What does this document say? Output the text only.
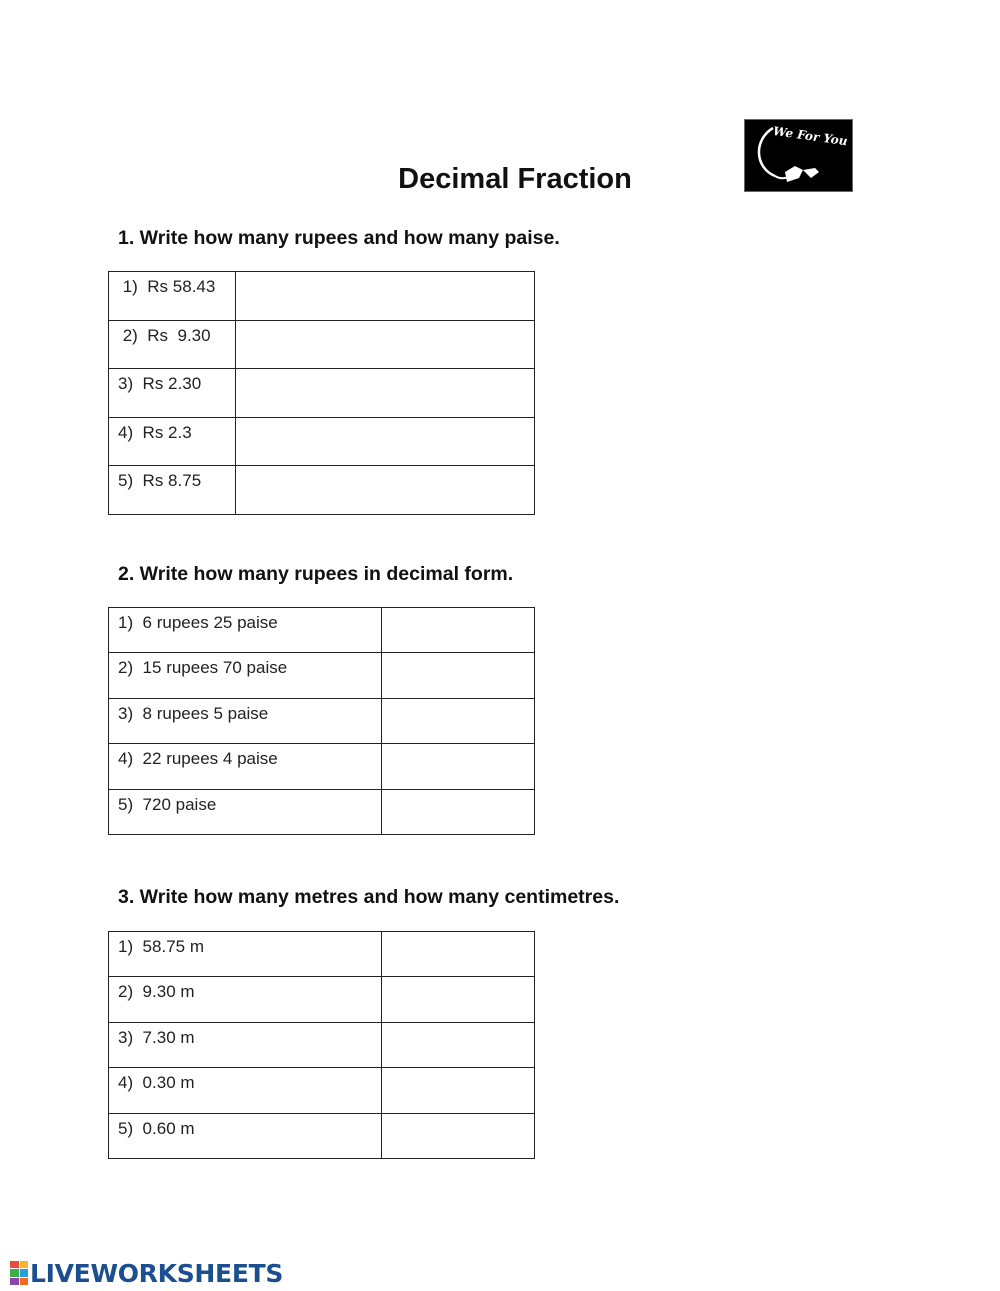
We For You
Decimal Fraction
1. Write how many rupees and how many paise.
1)  Rs 58.43

2)  Rs  9.30

3)  Rs 2.30

4)  Rs 2.3

5)  Rs 8.75

2. Write how many rupees in decimal form.
1)  6 rupees 25 paise

2)  15 rupees 70 paise

3)  8 rupees 5 paise

4)  22 rupees 4 paise

5)  720 paise

3. Write how many metres and how many centimetres.
1)  58.75 m

2)  9.30 m

3)  7.30 m

4)  0.30 m

5)  0.60 m

LIVEWORKSHEETS
